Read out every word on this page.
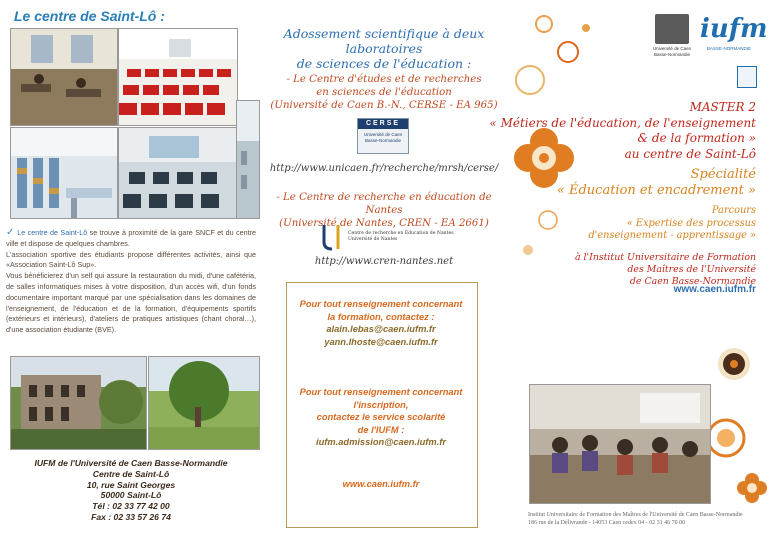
Le centre de Saint-Lô :

✓ Le centre de Saint-Lô se trouve à proximité de la gare SNCF et du centre ville et dispose de quelques chambres.

L'association sportive des étudiants propose différentes activités, ainsi que «Association Saint-Lô Sup».

Vous bénéficierez d'un self qui assure la restauration du midi, d'une cafétéria, de salles informatiques mises à votre disposition, d'un accès wifi, d'un fonds documentaire important marqué par une spécialisation dans les domaines de l'enseignement, de l'éducation et de la formation, d'équipements sportifs (extérieurs et intérieurs), d'ateliers de pratiques artistiques (chant choral…), d'une association étudiante (BVE).

IUFM de l'Université de Caen Basse-Normandie
Centre de Saint-Lô
10, rue Saint Georges
50000 Saint-Lô
Tél : 02 33 77 42 00
Fax : 02 33 57 26 74
Adossement scientifique à deux laboratoires
de sciences de l'éducation :
- Le Centre d'études et de recherches
en sciences de l'éducation
(Université de Caen B.-N., CERSE - EA 965)
CERSE
Université de Caen Basse-Normandie
http://www.unicaen.fr/recherche/mrsh/cerse/
- Le Centre de recherche en éducation de Nantes
(Université de Nantes, CREN - EA 2661)
Centre de recherche en Éducation de Nantes
Université de Nantes
http://www.cren-nantes.net
Pour tout renseignement concernant
la formation, contactez :
alain.lebas@caen.iufm.fr
yann.lhoste@caen.iufm.fr
Pour tout renseignement concernant
l'inscription,
contactez le service scolarité
de l'IUFM :
iufm.admission@caen.iufm.fr
www.caen.iufm.fr
Université de Caen
Basse-Normandie
iufm
BASSE-NORMANDIE
MASTER 2
« Métiers de l'éducation, de l'enseignement
& de la formation »
au centre de Saint-Lô
Spécialité
« Éducation et encadrement »
Parcours
« Expertise des processus
d'enseignement - apprentissage »
à l'Institut Universitaire de Formation
des Maîtres de l'Université
de Caen Basse-Normandie
www.caen.iufm.fr
Institut Universitaire de Formation des Maîtres de l'Université de Caen Basse-Normandie
186 rue de la Délivrande - 14053 Caen cedex 04 - 02 31 46 70 00
